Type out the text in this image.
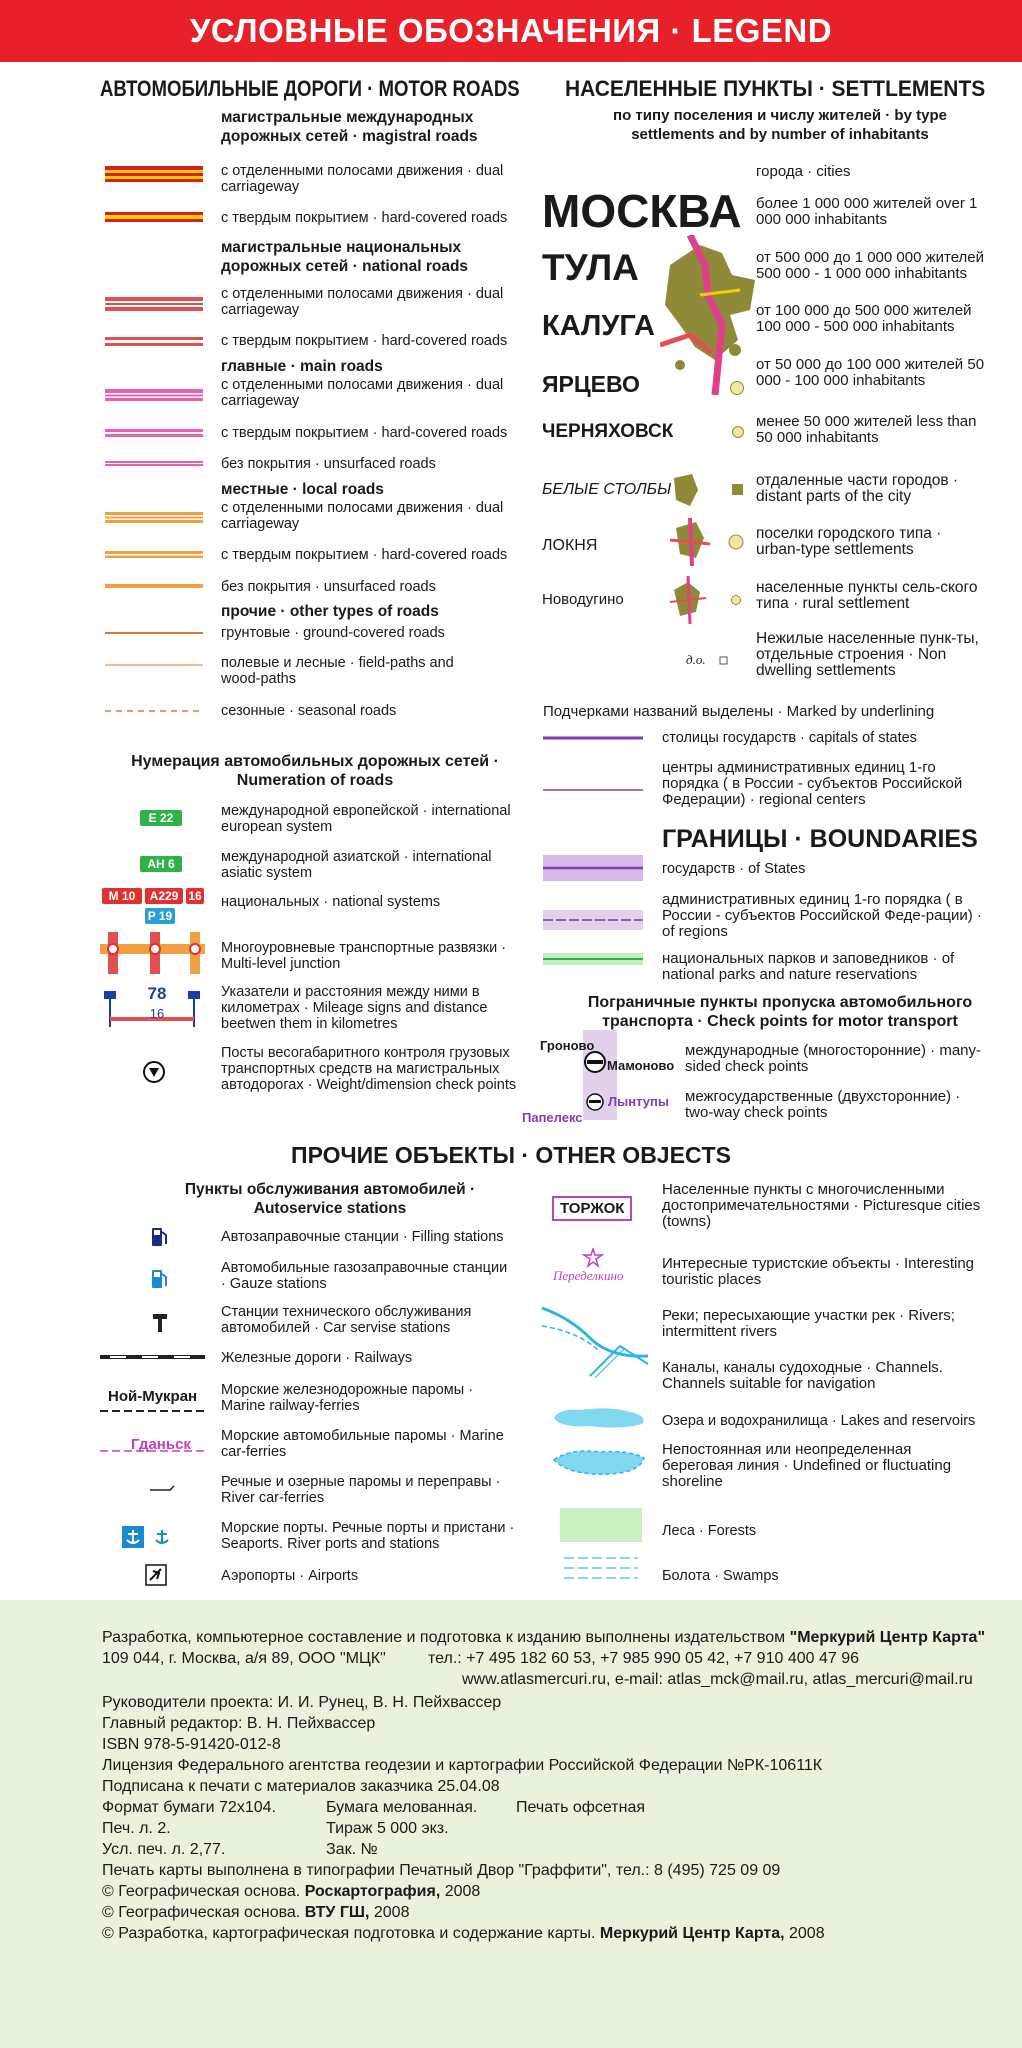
УСЛОВНЫЕ ОБОЗНАЧЕНИЯ · LEGEND
АВТОМОБИЛЬНЫЕ ДОРОГИ · MOTOR ROADS
магистральные международных дорожных сетей · magistral roads
с отделенными полосами движения · dual carriageway
с твердым покрытием · hard-covered roads
магистральные национальных дорожных сетей · national roads
с отделенными полосами движения · dual carriageway
с твердым покрытием · hard-covered roads
главные · main roads
с отделенными полосами движения · dual carriageway
с твердым покрытием · hard-covered roads
без покрытия · unsurfaced roads
местные · local roads
с отделенными полосами движения · dual carriageway
с твердым покрытием · hard-covered roads
без покрытия · unsurfaced roads
прочие · other types of roads
грунтовые · ground-covered roads
полевые и лесные · field-paths and wood-paths
сезонные · seasonal roads
Нумерация автомобильных дорожных сетей · Numeration of roads
E 22	международной европейской · international european system
AH 6	международной азиатской · international asiatic system
M 10	A229 16
P 19
национальных · national systems
Многоуровневые транспортные развязки · Multi-level junction
78
16
Указатели и расстояния между ними в километрах · Mileage signs and distance beetwen them in kilometres
Посты весогабаритного контроля грузовых транспортных средств на магистральных автодорогах · Weight/dimension check points
НАСЕЛЕННЫЕ ПУНКТЫ · SETTLEMENTS
по типу поселения и числу жителей · by type settlements and by number of inhabitants
города · cities
МОСКВА более 1 000 000 жителей over 1 000 000 inhabitants
ТУЛА	от 500 000 до 1 000 000 жителей 500 000 - 1 000 000 inhabitants
КАЛУГА	от 100 000 до 500 000 жителей 100 000 - 500 000 inhabitants
ЯРЦЕВО
от 50 000 до 100 000 жителей 50 000 - 100 000 inhabitants
ЧЕРНЯХОВСК	менее 50 000 жителей less than 50 000 inhabitants
БЕЛЫЕ СТОЛБЫ
отдаленные части городов · distant parts of the city
ЛОКНЯ
поселки городского типа · urban-type settlements
Новодугино
населенные пункты сель-ского типа · rural settlement
д.о.
Нежилые населенные пунк-ты, отдельные строения · Non dwelling settlements
Подчерками названий выделены · Marked by underlining
столицы государств · capitals of states
центры административных единиц 1-го порядка ( в России - субъектов Российской Федерации) · regional centers
ГРАНИЦЫ · BOUNDARIES
государств · of States
административных единиц 1-го порядка ( в России - субъектов Российской Феде-рации) · of regions
национальных парков и заповедников · of national parks and nature reservations
Пограничные пункты пропуска автомобильного транспорта · Check points for motor transport
Гроново
Мамоново
Лынтупы
Папелекс
международные (многосторонние) · many-sided check points
межгосударственные (двухсторонние) · two-way check points
ПРОЧИЕ ОБЪЕКТЫ · OTHER OBJECTS
Пункты обслуживания автомобилей · Autoservice stations
Автозаправочные станции · Filling stations
Автомобильные газозаправочные станции · Gauze stations
Станции технического обслуживания автомобилей · Car servise stations
Железные дороги · Railways
Ной-Мукран Морские железнодорожные паромы · Marine railway-ferries
Гданьск Морские автомобильные паромы · Marine car-ferries
Речные и озерные паромы и переправы · River car-ferries
Морские порты. Речные порты и пристани · Seaports. River ports and stations
Аэропорты · Airports
ТОРЖОК
Населенные пункты с многочисленными достопримечательностями · Picturesque cities (towns)
Переделкино
Интересные туристские объекты · Interesting touristic places
Реки; пересыхающие участки рек · Rivers; intermittent rivers
Каналы, каналы судоходные · Channels. Channels suitable for navigation
Озера и водохранилища · Lakes and reservoirs
Непостоянная или неопределенная береговая линия · Undefined or fluctuating shoreline
Леса · Forests
Болота · Swamps
Разработка, компьютерное составление и подготовка к изданию выполнены издательством "Меркурий Центр Карта"
109 044, г. Москва, а/я 89, ООО "МЦК"	тел.: +7 495 182 60 53, +7 985 990 05 42, +7 910 400 47 96
www.atlasmercuri.ru, e-mail: atlas_mck@mail.ru, atlas_mercuri@mail.ru
Руководители проекта: И. И. Рунец, В. Н. Пейхвассер
Главный редактор: В. Н. Пейхвассер
ISBN 978-5-91420-012-8
Лицензия Федерального агентства геодезии и картографии Российской Федерации №РК-10611К
Подписана к печати с материалов заказчика 25.04.08
Формат бумаги 72х104.	Бумага мелованная. Печать офсетная
Печ. л. 2.	Тираж 5 000 экз.
Усл. печ. л. 2,77.	Зак. №
Печать карты выполнена в типографии Печатный Двор "Граффити", тел.: 8 (495) 725 09 09
© Географическая основа. Роскартография, 2008
© Географическая основа. ВТУ ГШ, 2008
© Разработка, картографическая подготовка и содержание карты. Меркурий Центр Карта, 2008
